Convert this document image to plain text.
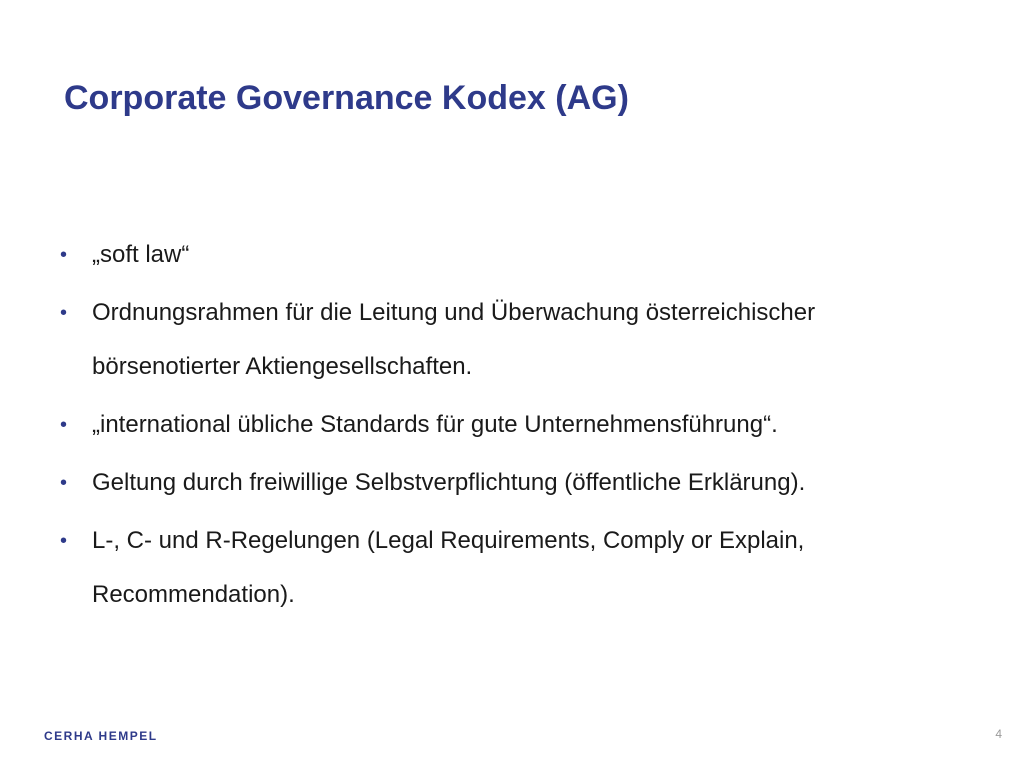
Corporate Governance Kodex (AG)
•	„soft law“
•	Ordnungsrahmen für die Leitung und Überwachung österreichischer börsenotierter Aktiengesellschaften.
•	„international übliche Standards für gute Unternehmensführung“.
•	Geltung durch freiwillige Selbstverpflichtung (öffentliche Erklärung).
•	L-, C- und R-Regelungen (Legal Requirements, Comply or Explain, Recommendation).
CERHA HEMPEL	4
